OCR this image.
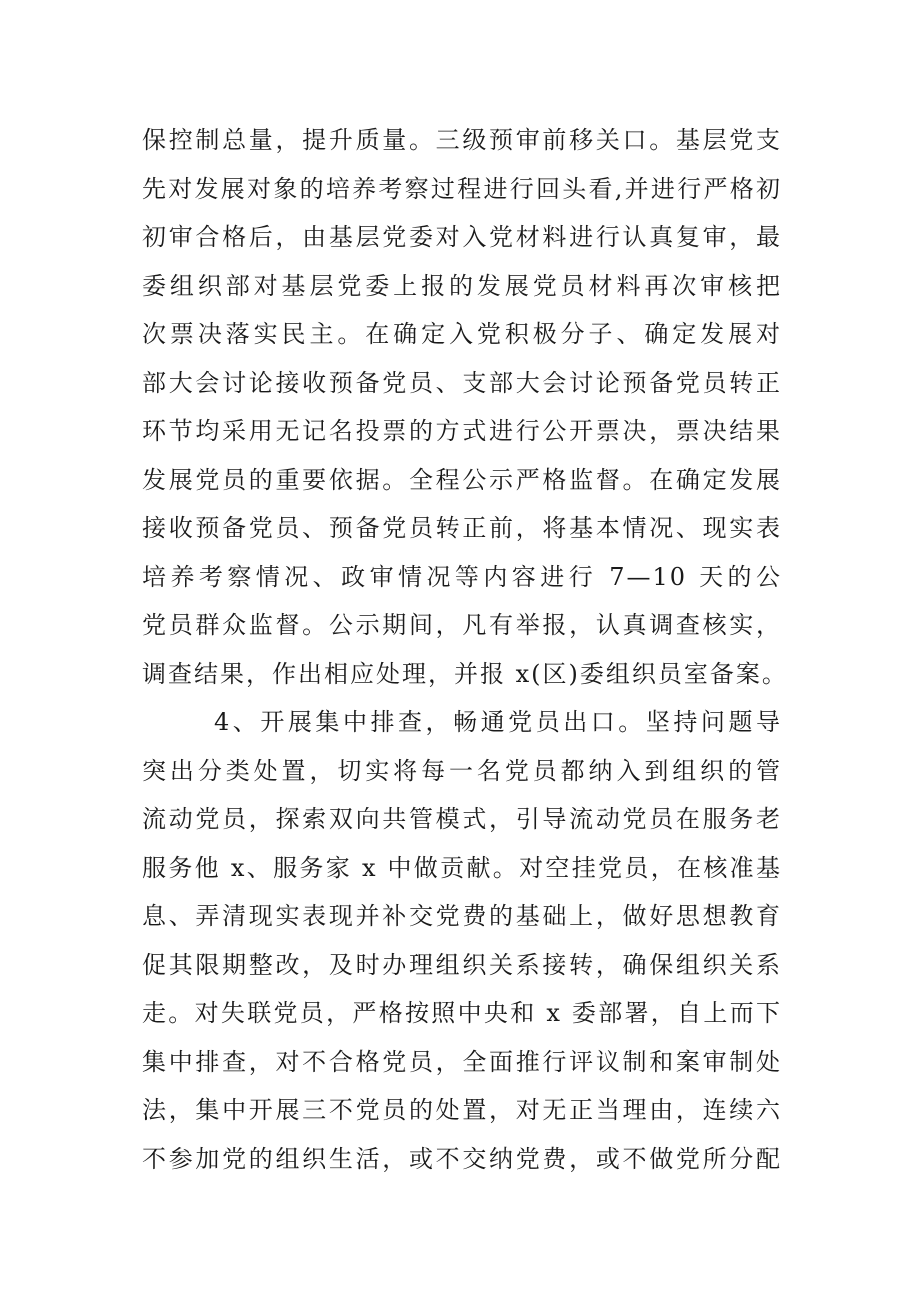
保控制总量，提升质量。三级预审前移关口。基层党支
先对发展对象的培养考察过程进行回头看,并进行严格初
初审合格后，由基层党委对入党材料进行认真复审，最
委组织部对基层党委上报的发展党员材料再次审核把
次票决落实民主。在确定入党积极分子、确定发展对
部大会讨论接收预备党员、支部大会讨论预备党员转正
环节均采用无记名投票的方式进行公开票决，票决结果
发展党员的重要依据。全程公示严格监督。在确定发展
接收预备党员、预备党员转正前，将基本情况、现实表
培养考察情况、政审情况等内容进行 7—10 天的公
党员群众监督。公示期间，凡有举报，认真调查核实，
调查结果，作出相应处理，并报 x(区)委组织员室备案。
4、开展集中排查，畅通党员出口。坚持问题导
突出分类处置，切实将每一名党员都纳入到组织的管
流动党员，探索双向共管模式，引导流动党员在服务老
服务他 x、服务家 x 中做贡献。对空挂党员，在核准基
息、弄清现实表现并补交党费的基础上，做好思想教育
促其限期整改，及时办理组织关系接转，确保组织关系
走。对失联党员，严格按照中央和 x 委部署，自上而下
集中排查，对不合格党员，全面推行评议制和案审制处
法，集中开展三不党员的处置，对无正当理由，连续六
不参加党的组织生活，或不交纳党费，或不做党所分配
